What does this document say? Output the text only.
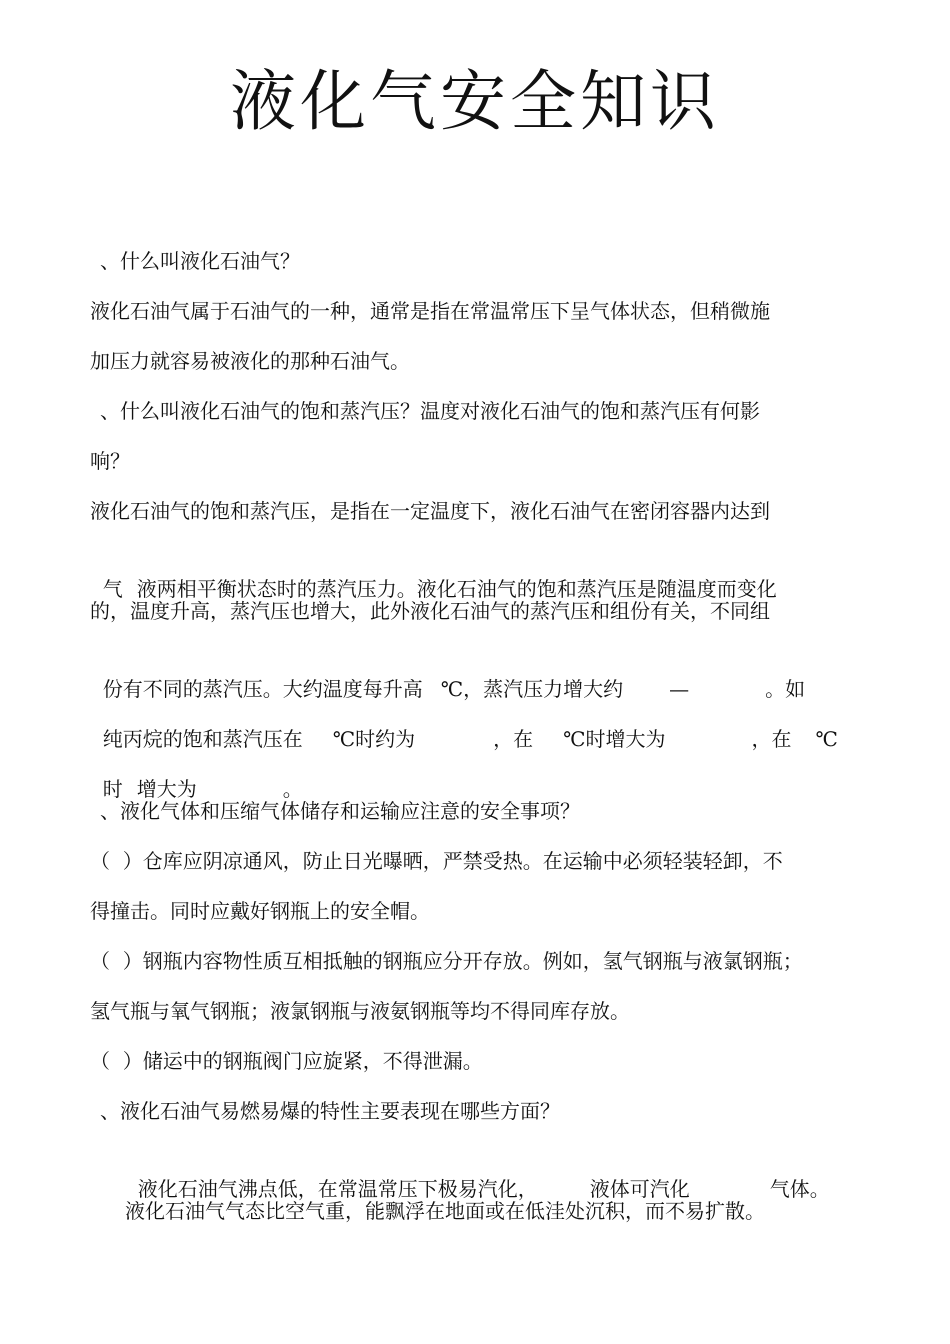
液化气安全知识
、什么叫液化石油气？
液化石油气属于石油气的一种，通常是指在常温常压下呈气体状态，但稍微施
加压力就容易被液化的那种石油气。
、什么叫液化石油气的饱和蒸汽压？温度对液化石油气的饱和蒸汽压有何影
响？
液化石油气的饱和蒸汽压，是指在一定温度下，液化石油气在密闭容器内达到

气 液两相平衡状态时的蒸汽压力。液化石油气的饱和蒸汽压是随温度而变化

的，温度升高，蒸汽压也增大，此外液化石油气的蒸汽压和组份有关，不同组

份有不同的蒸汽压。大约温度每升高 ℃，蒸汽压力增大约 —	。如

纯丙烷的饱和蒸汽压在 ℃时约为	，在 ℃时增大为	，在 ℃

时 增大为	。

、液化气体和压缩气体储存和运输应注意的安全事项？
（  ）仓库应阴凉通风，防止日光曝晒，严禁受热。在运输中必须轻装轻卸，不
得撞击。同时应戴好钢瓶上的安全帽。
（  ）钢瓶内容物性质互相抵触的钢瓶应分开存放。例如，氢气钢瓶与液氯钢瓶；
氢气瓶与氧气钢瓶；液氯钢瓶与液氨钢瓶等均不得同库存放。
（  ）储运中的钢瓶阀门应旋紧，不得泄漏。
、液化石油气易燃易爆的特性主要表现在哪些方面？

液化石油气沸点低，在常温常压下极易汽化，	液体可汽化	气体。

液化石油气气态比空气重，能飘浮在地面或在低洼处沉积，而不易扩散。
